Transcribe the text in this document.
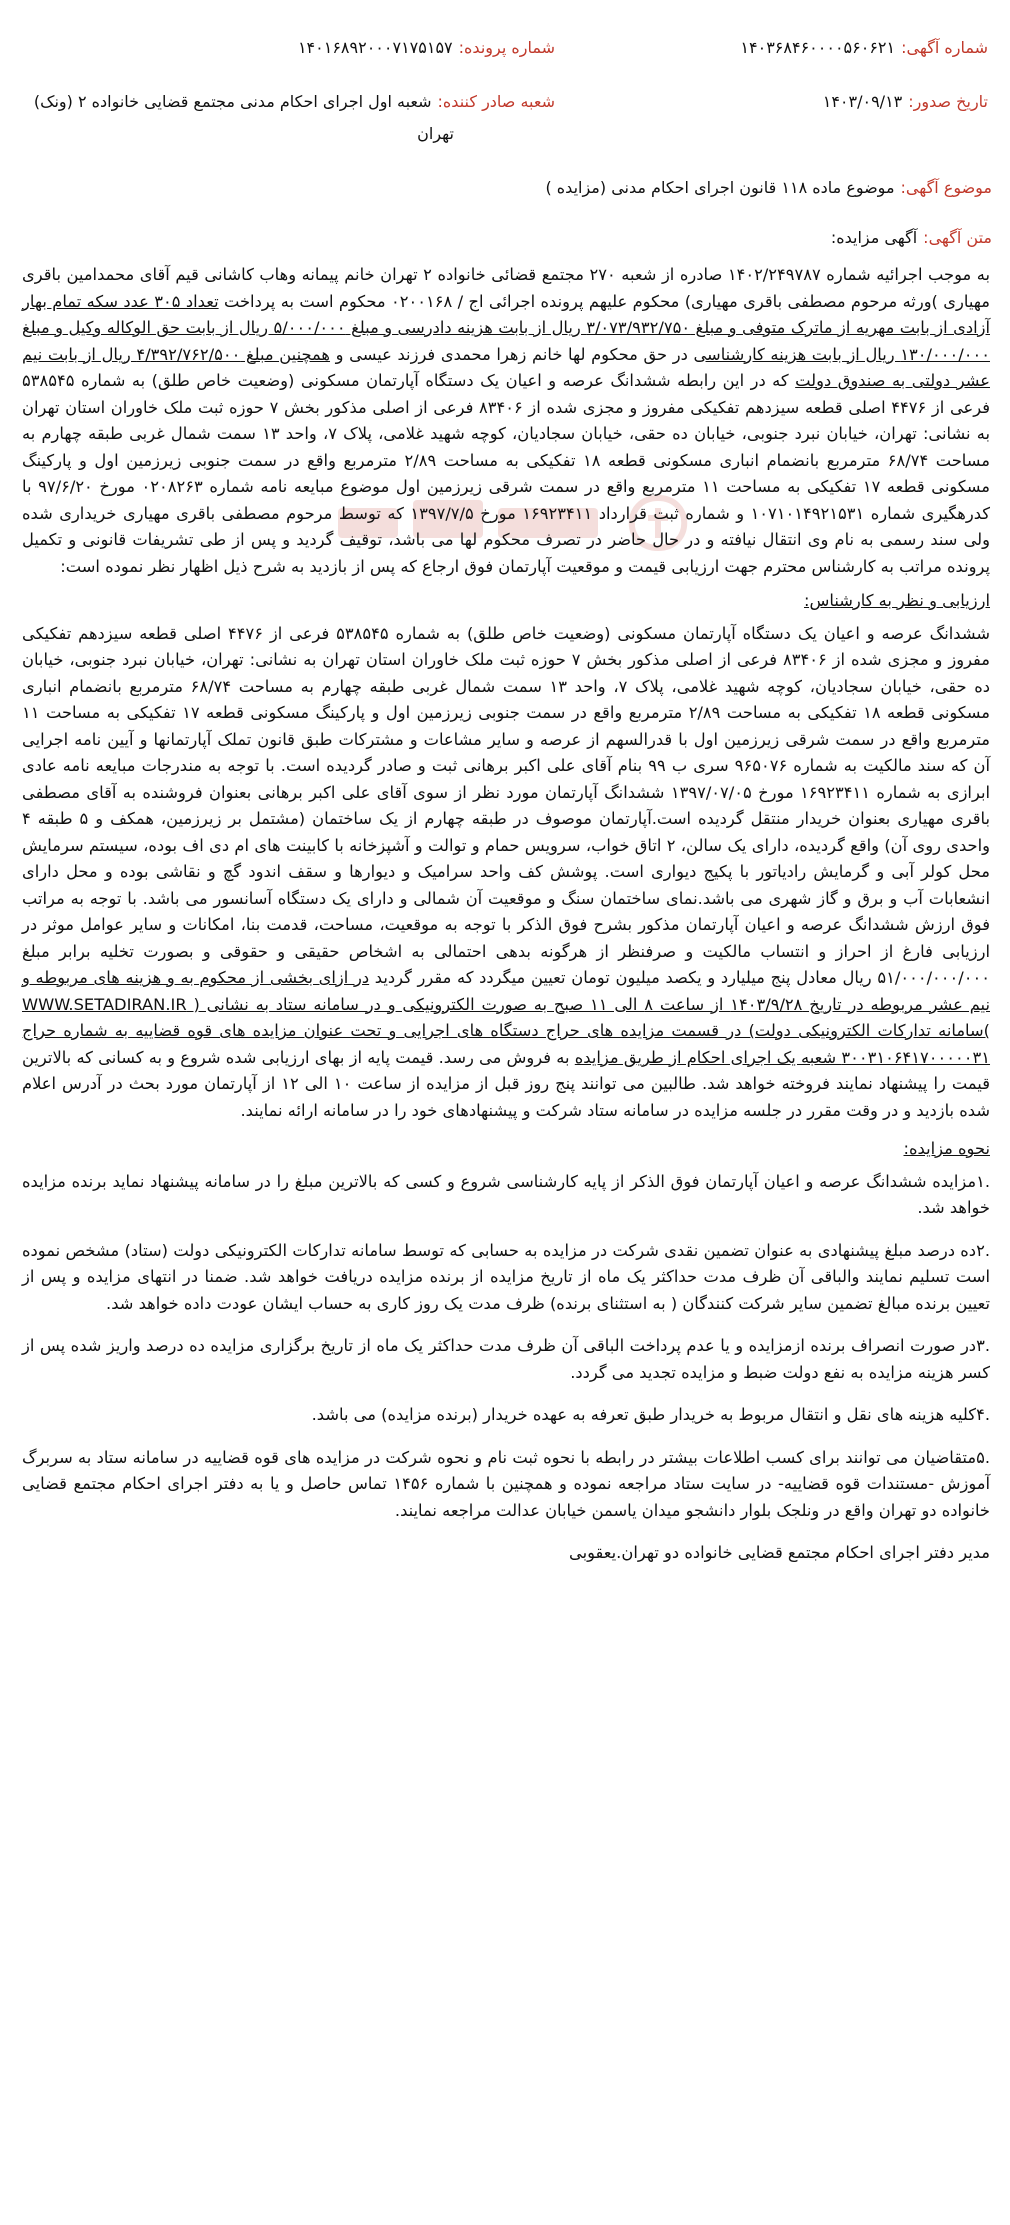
شماره آگهی:۱۴۰۳۶۸۴۶۰۰۰۰۵۶۰۶۲۱
شماره پرونده:۱۴۰۱۶۸۹۲۰۰۰۷۱۷۵۱۵۷
تاریخ صدور:۱۴۰۳/۰۹/۱۳
شعبه صادر کننده:شعبه اول اجرای احکام مدنی مجتمع قضایی خانواده ۲ (ونک)
تهران
موضوع آگهی:موضوع ماده ۱۱۸ قانون اجرای احکام مدنی (مزایده )
متن آگهی:آگهی مزایده:

به موجب اجرائیه شماره ۱۴۰۲/۲۴۹۷۸۷ صادره از شعبه ۲۷۰ مجتمع قضائی خانواده ۲ تهران خانم پیمانه وهاب کاشانی قیم آقای محمدامین باقری مهیاری )ورثه مرحوم مصطفی باقری مهیاری) محکوم علیهم پرونده اجرائی اج / ۰۲۰۰۱۶۸ محکوم است به پرداخت تعداد ۳۰۵ عدد سکه تمام بهار آزادی از بابت مهریه از ماترک متوفی و مبلغ ۳/۰۷۳/۹۳۲/۷۵۰ ریال از بابت هزینه دادرسی و مبلغ ۵/۰۰۰/۰۰۰ ریال از بابت حق الوکاله وکیل و مبلغ ۱۳۰/۰۰۰/۰۰۰ ریال از بابت هزینه کارشناسی در حق محکوم لها خانم زهرا محمدی فرزند عیسی و همچنین مبلغ ۴/۳۹۲/۷۶۲/۵۰۰ ریال از بابت نیم عشر دولتی به صندوق دولت که در این رابطه ششدانگ عرصه و اعیان یک دستگاه آپارتمان مسکونی (وضعیت خاص طلق) به شماره ۵۳۸۵۴۵ فرعی از ۴۴۷۶ اصلی قطعه سیزدهم تفکیکی مفروز و مجزی شده از ۸۳۴۰۶ فرعی از اصلی مذکور بخش ۷ حوزه ثبت ملک خاوران استان تهران به نشانی: تهران، خیابان نبرد جنوبی، خیابان ده حقی، خیابان سجادیان، کوچه شهید غلامی، پلاک ۷، واحد ۱۳ سمت شمال غربی طبقه چهارم به مساحت ۶۸/۷۴ مترمربع بانضمام انباری مسکونی قطعه ۱۸ تفکیکی به مساحت ۲/۸۹ مترمربع واقع در سمت جنوبی زیرزمین اول و پارکینگ مسکونی قطعه ۱۷ تفکیکی به مساحت ۱۱ مترمربع واقع در سمت شرقی زیرزمین اول موضوع مبایعه نامه شماره ۰۲۰۸۲۶۳ مورخ ۹۷/۶/۲۰ با کدرهگیری شماره ۱۰۷۱۰۱۴۹۲۱۵۳۱ و شماره ثبت قرارداد ۱۶۹۲۳۴۱۱ مورخ ۱۳۹۷/۷/۵ که توسط مرحوم مصطفی باقری مهیاری خریداری شده ولی سند رسمی به نام وی انتقال نیافته و در حال حاضر در تصرف محکوم لها می باشد، توقیف گردید و پس از طی تشریفات قانونی و تکمیل پرونده مراتب به کارشناس محترم جهت ارزیابی قیمت و موقعیت آپارتمان فوق ارجاع که پس از بازدید به شرح ذیل اظهار نظر نموده است:

ارزیابی و نظر به کارشناس:

ششدانگ عرصه و اعیان یک دستگاه آپارتمان مسکونی (وضعیت خاص طلق) به شماره ۵۳۸۵۴۵ فرعی از ۴۴۷۶ اصلی قطعه سیزدهم تفکیکی مفروز و مجزی شده از ۸۳۴۰۶ فرعی از اصلی مذکور بخش ۷ حوزه ثبت ملک خاوران استان تهران به نشانی: تهران، خیابان نبرد جنوبی، خیابان ده حقی، خیابان سجادیان، کوچه شهید غلامی، پلاک ۷، واحد ۱۳ سمت شمال غربی طبقه چهارم به مساحت ۶۸/۷۴ مترمربع بانضمام انباری مسکونی قطعه ۱۸ تفکیکی به مساحت ۲/۸۹ مترمربع واقع در سمت جنوبی زیرزمین اول و پارکینگ مسکونی قطعه ۱۷ تفکیکی به مساحت ۱۱ مترمربع واقع در سمت شرقی زیرزمین اول با قدرالسهم از عرصه و سایر مشاعات و مشترکات طبق قانون تملک آپارتمانها و آیین نامه اجرایی آن که سند مالکیت به شماره ۹۶۵۰۷۶ سری ب ۹۹ بنام آقای علی اکبر برهانی ثبت و صادر گردیده است. با توجه به مندرجات مبایعه نامه عادی ابرازی به شماره ۱۶۹۲۳۴۱۱ مورخ ۱۳۹۷/۰۷/۰۵ ششدانگ آپارتمان مورد نظر از سوی آقای علی اکبر برهانی بعنوان فروشنده به آقای مصطفی باقری مهیاری بعنوان خریدار منتقل گردیده است.آپارتمان موصوف در طبقه چهارم از یک ساختمان (مشتمل بر زیرزمین، همکف و ۵ طبقه ۴ واحدی روی آن) واقع گردیده، دارای یک سالن، ۲ اتاق خواب، سرویس حمام و توالت و آشپزخانه با کابینت های ام دی اف بوده، سیستم سرمایش محل کولر آبی و گرمایش رادیاتور با پکیج دیواری است. پوشش کف واحد سرامیک و دیوارها و سقف اندود گچ و نقاشی بوده و محل دارای انشعابات آب و برق و گاز شهری می باشد.نمای ساختمان سنگ و موقعیت آن شمالی و دارای یک دستگاه آسانسور می باشد. با توجه به مراتب فوق ارزش ششدانگ عرصه و اعیان آپارتمان مذکور بشرح فوق الذکر با توجه به موقعیت، مساحت، قدمت بنا، امکانات و سایر عوامل موثر در ارزیابی فارغ از احراز و انتساب مالکیت و صرفنظر از هرگونه بدهی احتمالی به اشخاص حقیقی و حقوقی و بصورت تخلیه برابر مبلغ ۵۱/۰۰۰/۰۰۰/۰۰۰ ریال معادل پنج میلیارد و یکصد میلیون تومان تعیین میگردد که مقرر گردید در ازای بخشی از محکوم به و هزینه های مربوطه و نیم عشر مربوطه در تاریخ ۱۴۰۳/۹/۲۸ از ساعت ۸ الی ۱۱ صبح به صورت الکترونیکی و در سامانه ستاد به نشانی ( WWW.SETADIRAN.IR )سامانه تدارکات الکترونیکی دولت) در قسمت مزایده های حراج دستگاه های اجرایی و تحت عنوان مزایده های قوه قضاییه به شماره حراج ۳۰۰۳۱۰۶۴۱۷۰۰۰۰۰۳۱ شعبه یک اجرای احکام از طریق مزایده به فروش می رسد. قیمت پایه از بهای ارزیابی شده شروع و به کسانی که بالاترین قیمت را پیشنهاد نمایند فروخته خواهد شد. طالبین می توانند پنج روز قبل از مزایده از ساعت ۱۰ الی ۱۲ از آپارتمان مورد بحث در آدرس اعلام شده بازدید و در وقت مقرر در جلسه مزایده در سامانه ستاد شرکت و پیشنهادهای خود را در سامانه ارائه نمایند.

نحوه مزایده:

.۱مزایده ششدانگ عرصه و اعیان آپارتمان فوق الذکر از پایه کارشناسی شروع و کسی که بالاترین مبلغ را در سامانه پیشنهاد نماید برنده مزایده خواهد شد.

.۲ده درصد مبلغ پیشنهادی به عنوان تضمین نقدی شرکت در مزایده به حسابی که توسط سامانه تدارکات الکترونیکی دولت (ستاد) مشخص نموده است تسلیم نمایند والباقی آن ظرف مدت حداکثر یک ماه از تاریخ مزایده از برنده مزایده دریافت خواهد شد. ضمنا در انتهای مزایده و پس از تعیین برنده مبالغ تضمین سایر شرکت کنندگان ( به استثنای برنده) ظرف مدت یک روز کاری به حساب ایشان عودت داده خواهد شد.

.۳در صورت انصراف برنده ازمزایده و یا عدم پرداخت الباقی آن ظرف مدت حداکثر یک ماه از تاریخ برگزاری مزایده ده درصد واریز شده پس از کسر هزینه مزایده به نفع دولت ضبط و مزایده تجدید می گردد.

.۴کلیه هزینه های نقل و انتقال مربوط به خریدار طبق تعرفه به عهده خریدار (برنده مزایده) می باشد.

.۵متقاضیان می توانند برای کسب اطلاعات بیشتر در رابطه با نحوه ثبت نام و نحوه شرکت در مزایده های قوه قضاییه در سامانه ستاد به سربرگ آموزش -مستندات قوه قضاییه- در سایت ستاد مراجعه نموده و همچنین با شماره ۱۴۵۶ تماس حاصل و یا به دفتر اجرای احکام مجتمع قضایی خانواده دو تهران واقع در ونلجک بلوار دانشجو میدان یاسمن خیابان عدالت مراجعه نمایند.

مدیر دفتر اجرای احکام مجتمع قضایی خانواده دو تهران.یعقوبی
